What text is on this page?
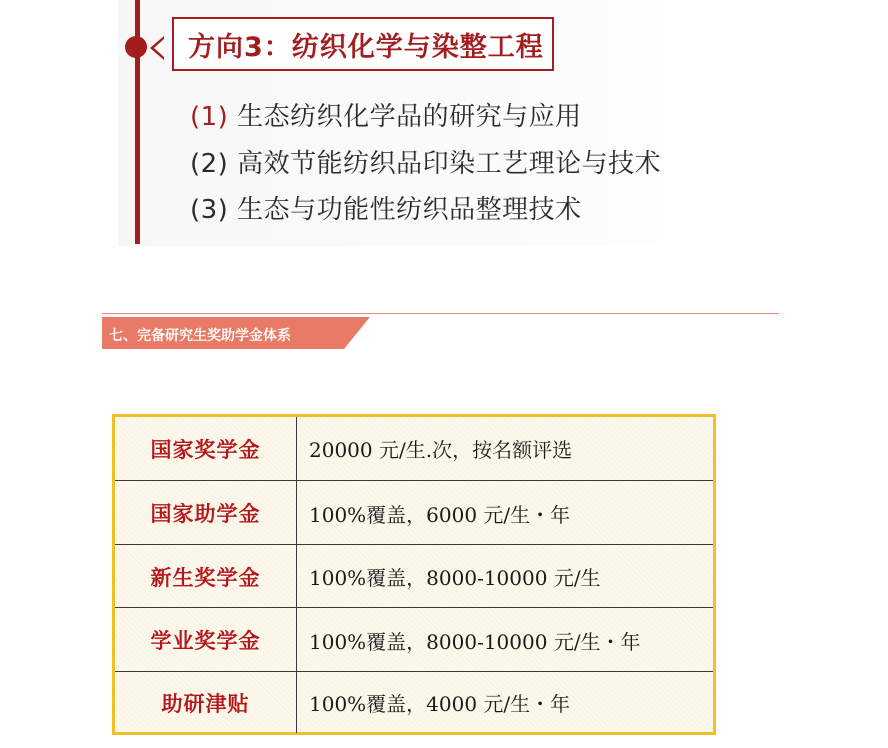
方向3：纺织化学与染整工程
(1) 生态纺织化学品的研究与应用
(2) 高效节能纺织品印染工艺理论与技术
(3) 生态与功能性纺织品整理技术
七、完备研究生奖助学金体系
国家奖学金	20000 元/生.次，按名额评选
国家助学金	100%覆盖，6000 元/生・年
新生奖学金	100%覆盖，8000-10000 元/生
学业奖学金	100%覆盖，8000-10000 元/生・年
助研津贴	100%覆盖，4000 元/生・年
